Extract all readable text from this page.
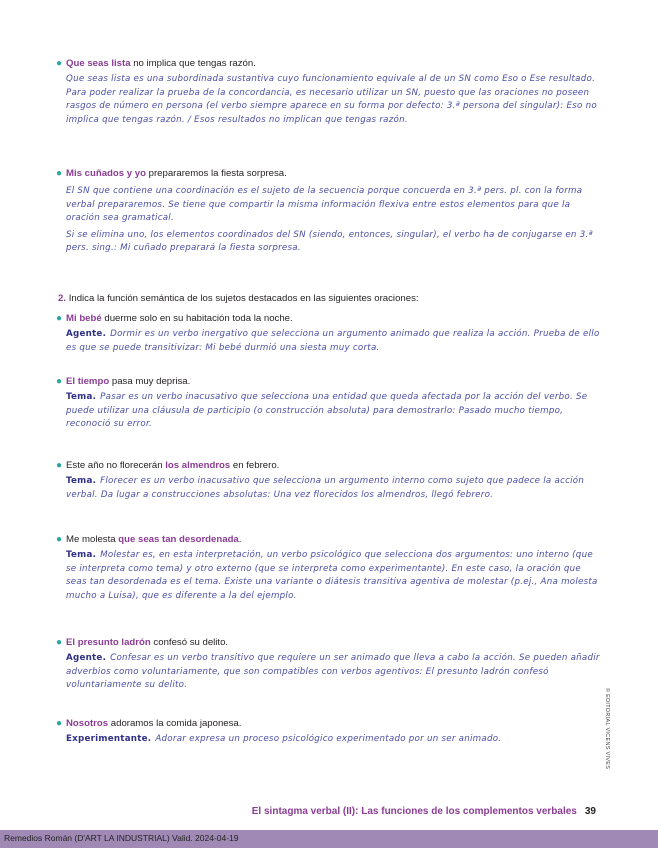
● Que seas lista no implica que tengas razón.
Que seas lista es una subordinada sustantiva cuyo funcionamiento equivale al de un SN como Eso o Ese resultado. Para poder realizar la prueba de la concordancia, es necesario utilizar un SN, puesto que las oraciones no poseen rasgos de número en persona (el verbo siempre aparece en su forma por defecto: 3.ª persona del singular): Eso no implica que tengas razón. / Esos resultados no implican que tengas razón.
● Mis cuñados y yo prepararemos la fiesta sorpresa.

El SN que contiene una coordinación es el sujeto de la secuencia porque concuerda en 3.ª pers. pl. con la forma verbal prepararemos. Se tiene que compartir la misma información flexiva entre estos elementos para que la oración sea gramatical.

Si se elimina uno, los elementos coordinados del SN (siendo, entonces, singular), el verbo ha de conjugarse en 3.ª pers. sing.: Mi cuñado preparará la fiesta sorpresa.

2. Indica la función semántica de los sujetos destacados en las siguientes oraciones:
● Mi bebé duerme solo en su habitación toda la noche.
Agente. Dormir es un verbo inergativo que selecciona un argumento animado que realiza la acción. Prueba de ello es que se puede transitivizar: Mi bebé durmió una siesta muy corta.
● El tiempo pasa muy deprisa.
Tema. Pasar es un verbo inacusativo que selecciona una entidad que queda afectada por la acción del verbo. Se puede utilizar una cláusula de participio (o construcción absoluta) para demostrarlo: Pasado mucho tiempo, reconoció su error.
● Este año no florecerán los almendros en febrero.
Tema. Florecer es un verbo inacusativo que selecciona un argumento interno como sujeto que padece la acción verbal. Da lugar a construcciones absolutas: Una vez florecidos los almendros, llegó febrero.
● Me molesta que seas tan desordenada.
Tema. Molestar es, en esta interpretación, un verbo psicológico que selecciona dos argumentos: uno interno (que se interpreta como tema) y otro externo (que se interpreta como experimentante). En este caso, la oración que seas tan desordenada es el tema. Existe una variante o diátesis transitiva agentiva de molestar (p.ej., Ana molesta mucho a Luisa), que es diferente a la del ejemplo.
● El presunto ladrón confesó su delito.
Agente. Confesar es un verbo transitivo que requiere un ser animado que lleva a cabo la acción. Se pueden añadir adverbios como voluntariamente, que son compatibles con verbos agentivos: El presunto ladrón confesó voluntariamente su delito.
● Nosotros adoramos la comida japonesa.
Experimentante. Adorar expresa un proceso psicológico experimentado por un ser animado.	© EDITORIAL VICENS VIVES
El sintagma verbal (II): Las funciones de los complementos verbales 39
Remedios Román (D'ART LA INDUSTRIAL) Valid. 2024-04-19
